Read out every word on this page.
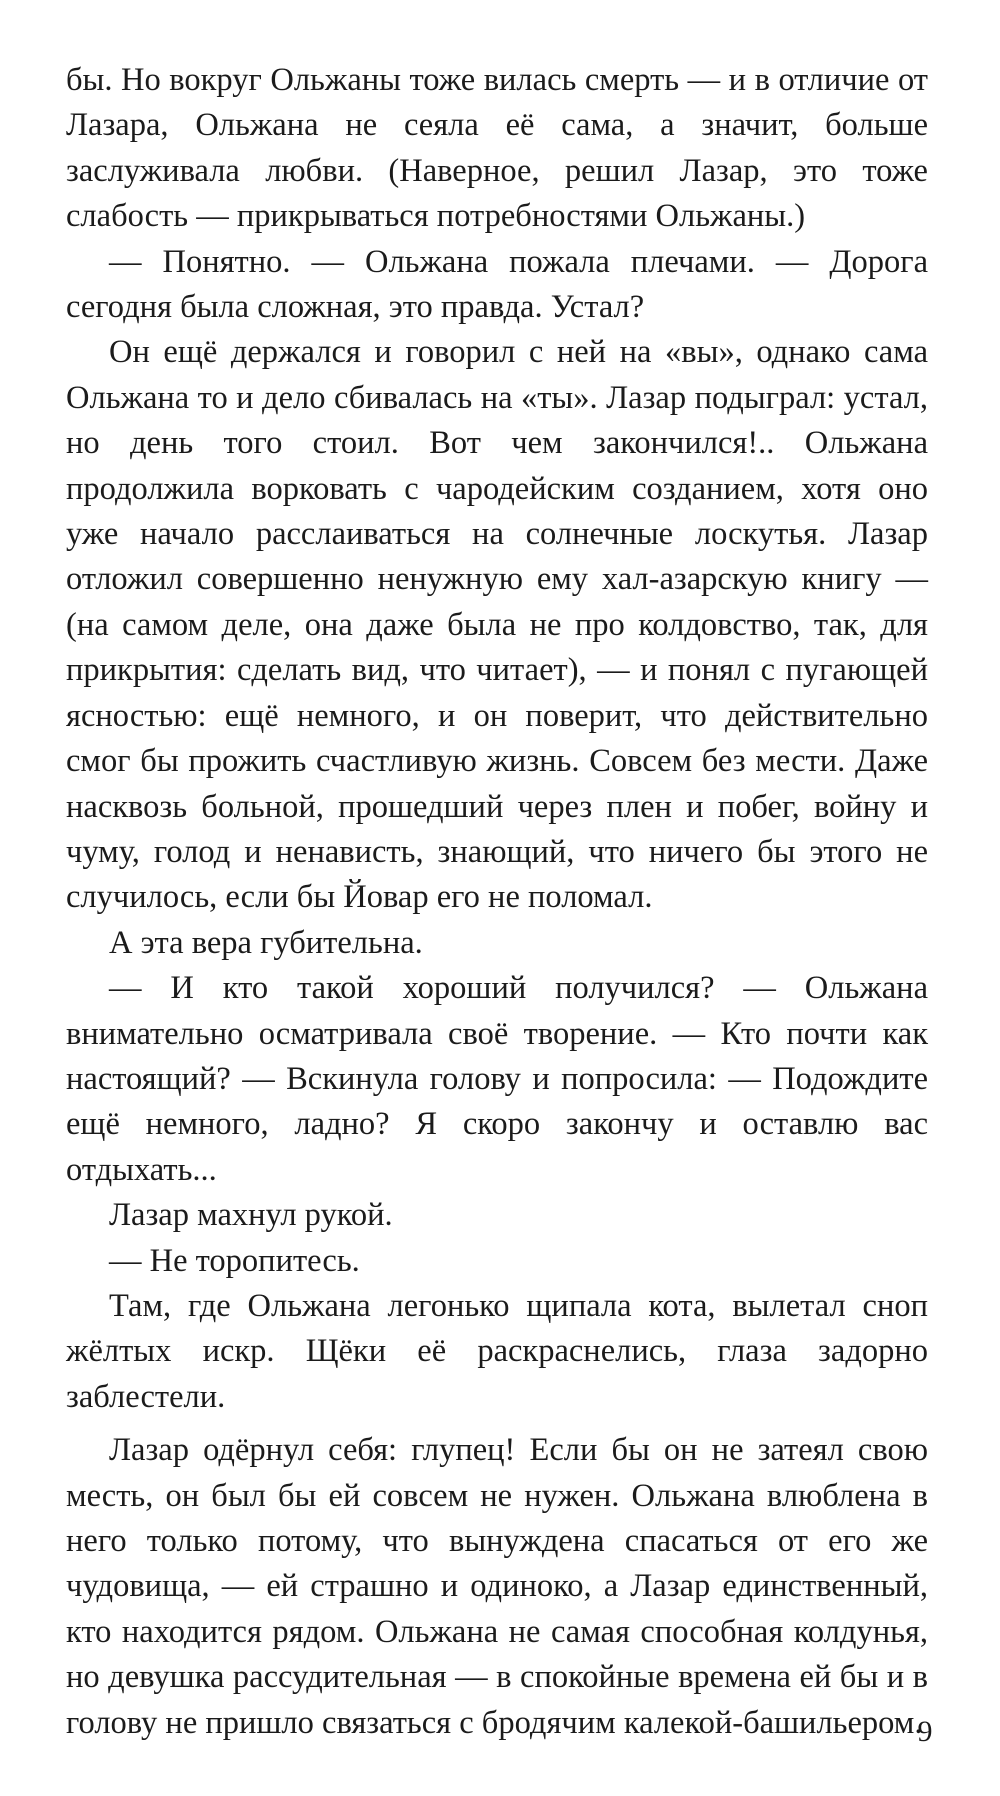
бы. Но вокруг Ольжаны тоже вилась смерть — и в отличие от Лазара, Ольжана не сеяла её сама, а значит, больше заслуживала любви. (Наверное, решил Лазар, это тоже слабость — прикрываться потребностями Ольжаны.)

— Понятно. — Ольжана пожала плечами. — Дорога сегодня была сложная, это правда. Устал?

Он ещё держался и говорил с ней на «вы», однако сама Ольжана то и дело сбивалась на «ты». Лазар подыграл: устал, но день того стоил. Вот чем закончился!.. Ольжана продолжила ворковать с чародейским созданием, хотя оно уже начало расслаиваться на солнечные лоскутья. Лазар отложил совершенно ненужную ему хал-азарскую книгу — (на самом деле, она даже была не про колдовство, так, для прикрытия: сделать вид, что читает), — и понял с пугающей ясностью: ещё немного, и он поверит, что действительно смог бы прожить счастливую жизнь. Совсем без мести. Даже насквозь больной, прошедший через плен и побег, войну и чуму, голод и ненависть, знающий, что ничего бы этого не случилось, если бы Йовар его не поломал.

А эта вера губительна.

— И кто такой хороший получился? — Ольжана внимательно осматривала своё творение. — Кто почти как настоящий? — Вскинула голову и попросила: — Подождите ещё немного, ладно? Я скоро закончу и оставлю вас отдыхать...

Лазар махнул рукой.

— Не торопитесь.

Там, где Ольжана легонько щипала кота, вылетал сноп жёлтых искр. Щёки её раскраснелись, глаза задорно заблестели.

Лазар одёрнул себя: глупец! Если бы он не затеял свою месть, он был бы ей совсем не нужен. Ольжана влюблена в него только потому, что вынуждена спасаться от его же чудовища, — ей страшно и одиноко, а Лазар единственный, кто находится рядом. Ольжана не самая способная колдунья, но девушка рассудительная — в спокойные времена ей бы и в голову не пришло связаться с бродячим калекой-башильером.

9
